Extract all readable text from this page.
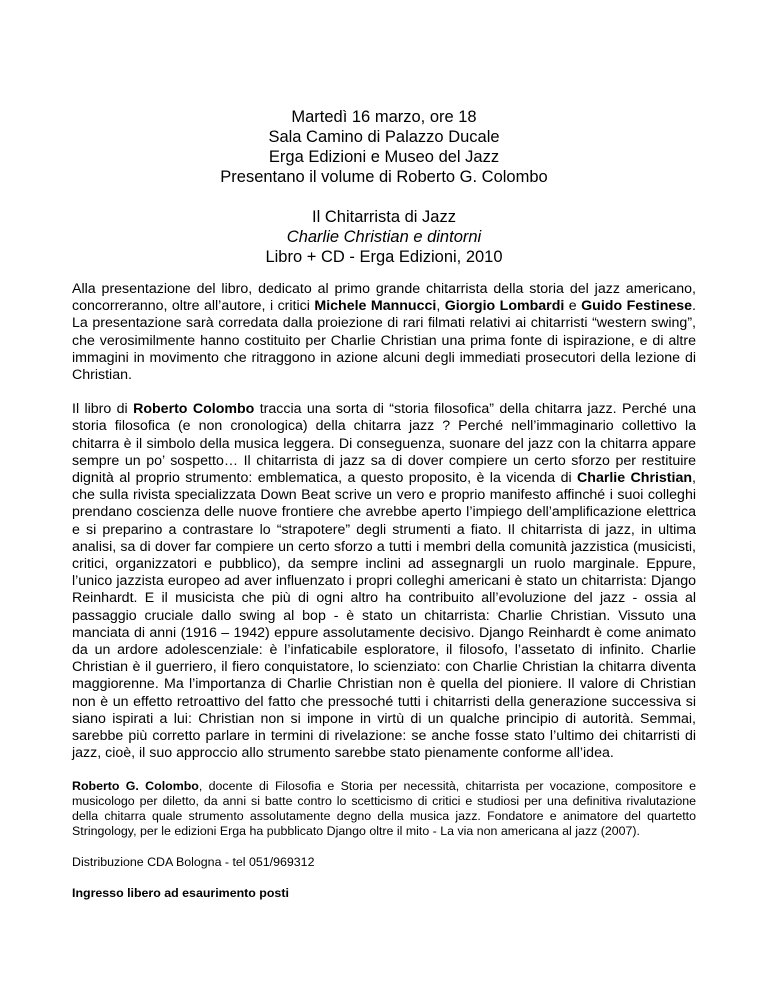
Martedì 16 marzo, ore 18
Sala Camino di Palazzo Ducale
Erga Edizioni e Museo del Jazz
Presentano il volume di Roberto G. Colombo
Il Chitarrista di Jazz
Charlie Christian e dintorni
Libro + CD - Erga Edizioni, 2010

Alla presentazione del libro, dedicato al primo grande chitarrista della storia del jazz americano, concorreranno, oltre all’autore, i critici Michele Mannucci, Giorgio Lombardi e Guido Festinese. La presentazione sarà corredata dalla proiezione di rari filmati relativi ai chitarristi “western swing”, che verosimilmente hanno costituito per Charlie Christian una prima fonte di ispirazione, e di altre immagini in movimento che ritraggono in azione alcuni degli immediati prosecutori della lezione di Christian.

Il libro di Roberto Colombo traccia una sorta di “storia filosofica” della chitarra jazz. Perché una storia filosofica (e non cronologica) della chitarra jazz ? Perché nell’immaginario collettivo la chitarra è il simbolo della musica leggera. Di conseguenza, suonare del jazz con la chitarra appare sempre un po’ sospetto… Il chitarrista di jazz sa di dover compiere un certo sforzo per restituire dignità al proprio strumento: emblematica, a questo proposito, è la vicenda di Charlie Christian, che sulla rivista specializzata Down Beat scrive un vero e proprio manifesto affinché i suoi colleghi prendano coscienza delle nuove frontiere che avrebbe aperto l’impiego dell’amplificazione elettrica e si preparino a contrastare lo “strapotere” degli strumenti a fiato. Il chitarrista di jazz, in ultima analisi, sa di dover far compiere un certo sforzo a tutti i membri della comunità jazzistica (musicisti, critici, organizzatori e pubblico), da sempre inclini ad assegnargli un ruolo marginale. Eppure, l’unico jazzista europeo ad aver influenzato i propri colleghi americani è stato un chitarrista: Django Reinhardt. E il musicista che più di ogni altro ha contribuito all’evoluzione del jazz - ossia al passaggio cruciale dallo swing al bop - è stato un chitarrista: Charlie Christian. Vissuto una manciata di anni (1916 – 1942) eppure assolutamente decisivo. Django Reinhardt è come animato da un ardore adolescenziale: è l’infaticabile esploratore, il filosofo, l’assetato di infinito. Charlie Christian è il guerriero, il fiero conquistatore, lo scienziato: con Charlie Christian la chitarra diventa maggiorenne. Ma l’importanza di Charlie Christian non è quella del pioniere. Il valore di Christian non è un effetto retroattivo del fatto che pressoché tutti i chitarristi della generazione successiva si siano ispirati a lui: Christian non si impone in virtù di un qualche principio di autorità. Semmai, sarebbe più corretto parlare in termini di rivelazione: se anche fosse stato l’ultimo dei chitarristi di jazz, cioè, il suo approccio allo strumento sarebbe stato pienamente conforme all’idea.

Roberto G. Colombo, docente di Filosofia e Storia per necessità, chitarrista per vocazione, compositore e musicologo per diletto, da anni si batte contro lo scetticismo di critici e studiosi per una definitiva rivalutazione della chitarra quale strumento assolutamente degno della musica jazz. Fondatore e animatore del quartetto Stringology, per le edizioni Erga ha pubblicato Django oltre il mito - La via non americana al jazz (2007).

Distribuzione CDA Bologna - tel 051/969312

Ingresso libero ad esaurimento posti
